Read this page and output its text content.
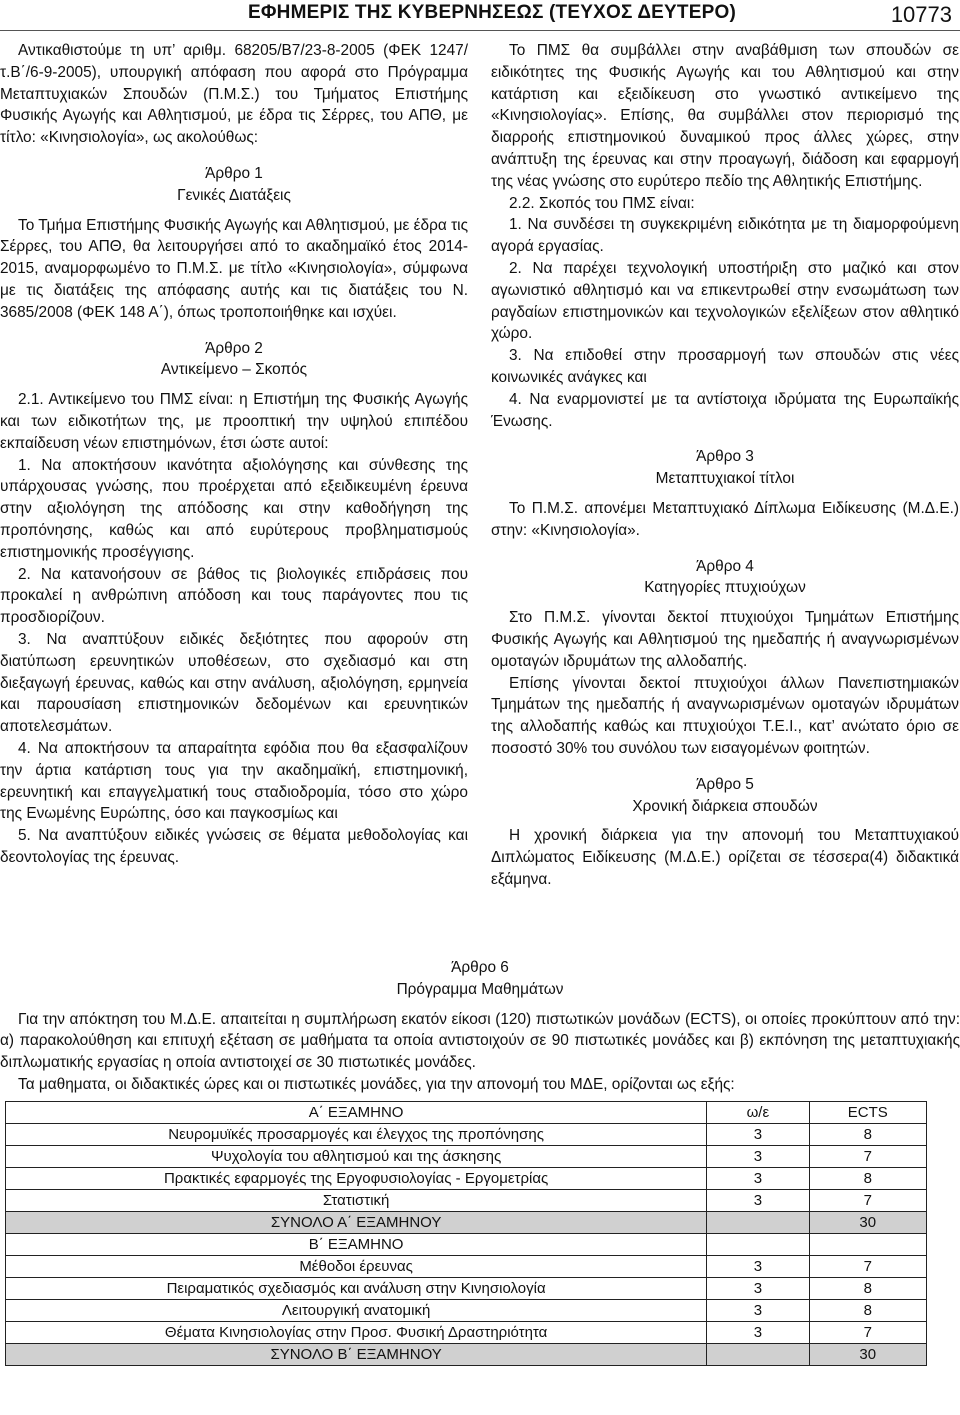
ΕΦΗΜΕΡΙΣ ΤΗΣ ΚΥΒΕΡΝΗΣΕΩΣ (ΤΕΥΧΟΣ ΔΕΥΤΕΡΟ)	10773

Αντικαθιστούμε τη υπ’ αριθμ. 68205/Β7/23-8-2005 (ΦΕΚ 1247/τ.Β΄/6-9-2005), υπουργική απόφαση που αφορά στο Πρόγραμμα Μεταπτυχιακών Σπουδών (Π.Μ.Σ.) του Τμήματος Επιστήμης Φυσικής Αγωγής και Αθλητισμού, με έδρα τις Σέρρες, του ΑΠΘ, με τίτλο: «Κινησιολογία», ως ακολούθως:

Άρθρο 1

Γενικές Διατάξεις

Το Τμήμα Επιστήμης Φυσικής Αγωγής και Αθλητισμού, με έδρα τις Σέρρες, του ΑΠΘ, θα λειτουργήσει από το ακαδημαϊκό έτος 2014-2015, αναμορφωμένο το Π.Μ.Σ. με τίτλο «Κινησιολογία», σύμφωνα με τις διατάξεις της απόφασης αυτής και τις διατάξεις του Ν. 3685/2008 (ΦΕΚ 148 Α΄), όπως τροποποιήθηκε και ισχύει.

Άρθρο 2

Αντικείμενο – Σκοπός

2.1. Αντικείμενο του ΠΜΣ είναι: η Επιστήμη της Φυσικής Αγωγής και των ειδικοτήτων της, με προοπτική την υψηλού επιπέδου εκπαίδευση νέων επιστημόνων, έτσι ώστε αυτοί:

1. Να αποκτήσουν ικανότητα αξιολόγησης και σύνθεσης της υπάρχουσας γνώσης, που προέρχεται από εξειδικευμένη έρευνα στην αξιολόγηση της απόδοσης και στην καθοδήγηση της προπόνησης, καθώς και από ευρύτερους προβληματισμούς επιστημονικής προσέγγισης.

2. Να κατανοήσουν σε βάθος τις βιολογικές επιδράσεις που προκαλεί η ανθρώπινη απόδοση και τους παράγοντες που τις προσδιορίζουν.

3. Να αναπτύξουν ειδικές δεξιότητες που αφορούν στη διατύπωση ερευνητικών υποθέσεων, στο σχεδιασμό και στη διεξαγωγή έρευνας, καθώς και στην ανάλυση, αξιολόγηση, ερμηνεία και παρουσίαση επιστημονικών δεδομένων και ερευνητικών αποτελεσμάτων.

4. Να αποκτήσουν τα απαραίτητα εφόδια που θα εξασφαλίζουν την άρτια κατάρτιση τους για την ακαδημαϊκή, επιστημονική, ερευνητική και επαγγελματική τους σταδιοδρομία, τόσο στο χώρο της Ενωμένης Ευρώπης, όσο και παγκοσμίως και

5. Να αναπτύξουν ειδικές γνώσεις σε θέματα μεθοδολογίας και δεοντολογίας της έρευνας.

Το ΠΜΣ θα συμβάλλει στην αναβάθμιση των σπουδών σε ειδικότητες της Φυσικής Αγωγής και του Αθλητισμού και στην κατάρτιση και εξειδίκευση στο γνωστικό αντικείμενο της «Κινησιολογίας». Επίσης, θα συμβάλλει στον περιορισμό της διαρροής επιστημονικού δυναμικού προς άλλες χώρες, στην ανάπτυξη της έρευνας και στην προαγωγή, διάδοση και εφαρμογή της νέας γνώσης στο ευρύτερο πεδίο της Αθλητικής Επιστήμης.

2.2. Σκοπός του ΠΜΣ είναι:

1. Να συνδέσει τη συγκεκριμένη ειδικότητα με τη διαμορφούμενη αγορά εργασίας.

2. Να παρέχει τεχνολογική υποστήριξη στο μαζικό και στον αγωνιστικό αθλητισμό και να επικεντρωθεί στην ενσωμάτωση των ραγδαίων επιστημονικών και τεχνολογικών εξελίξεων στον αθλητικό χώρο.

3. Να επιδοθεί στην προσαρμογή των σπουδών στις νέες κοινωνικές ανάγκες και

4. Να εναρμονιστεί με τα αντίστοιχα ιδρύματα της Ευρωπαϊκής Ένωσης.

Άρθρο 3

Μεταπτυχιακοί τίτλοι

Το Π.Μ.Σ. απονέμει Μεταπτυχιακό Δίπλωμα Ειδίκευσης (Μ.Δ.Ε.) στην: «Κινησιολογία».

Άρθρο 4

Κατηγορίες πτυχιούχων

Στο Π.Μ.Σ. γίνονται δεκτοί πτυχιούχοι Τμημάτων Επιστήμης Φυσικής Αγωγής και Αθλητισμού της ημεδαπής ή αναγνωρισμένων ομοταγών ιδρυμάτων της αλλοδαπής.

Επίσης γίνονται δεκτοί πτυχιούχοι άλλων Πανεπιστημιακών Τμημάτων της ημεδαπής ή αναγνωρισμένων ομοταγών ιδρυμάτων της αλλοδαπής καθώς και πτυχιούχοι Τ.Ε.Ι., κατ’ ανώτατο όριο σε ποσοστό 30% του συνόλου των εισαγομένων φοιτητών.

Άρθρο 5

Χρονική διάρκεια σπουδών

Η χρονική διάρκεια για την απονομή του Μεταπτυχιακού Διπλώματος Ειδίκευσης (Μ.Δ.Ε.) ορίζεται σε τέσσερα(4) διδακτικά εξάμηνα.

Άρθρο 6

Πρόγραμμα Μαθημάτων

Για την απόκτηση του Μ.Δ.Ε. απαιτείται η συμπλήρωση εκατόν είκοσι (120) πιστωτικών μονάδων (ECTS), οι οποίες προκύπτουν από την: α) παρακολούθηση και επιτυχή εξέταση σε μαθήματα τα οποία αντιστοιχούν σε 90 πιστωτικές μονάδες και β) εκπόνηση της μεταπτυχιακής διπλωματικής εργασίας η οποία αντιστοιχεί σε 30 πιστωτικές μονάδες.

Τα μαθηματα, οι διδακτικές ώρες και οι πιστωτικές μονάδες, για την απονομή του ΜΔΕ, ορίζονται ως εξής:

Α΄ ΕΞΑΜΗΝΟ	ω/ε	ECTS
Νευρομυϊκές προσαρμογές και έλεγχος της προπόνησης	3	8
Ψυχολογία του αθλητισμού και της άσκησης	3	7
Πρακτικές εφαρμογές της Εργοφυσιολογίας - Εργομετρίας	3	8
Στατιστική	3	7
ΣΥΝΟΛΟ Α΄ ΕΞΑΜΗΝΟΥ		30
Β΄ ΕΞΑΜΗΝΟ		
Μέθοδοι έρευνας	3	7
Πειραματικός σχεδιασμός και ανάλυση στην Κινησιολογία	3	8
Λειτουργική ανατομική	3	8
Θέματα Κινησιολογίας στην Προσ. Φυσική Δραστηριότητα	3	7
ΣΥΝΟΛΟ Β΄ ΕΞΑΜΗΝΟΥ		30
